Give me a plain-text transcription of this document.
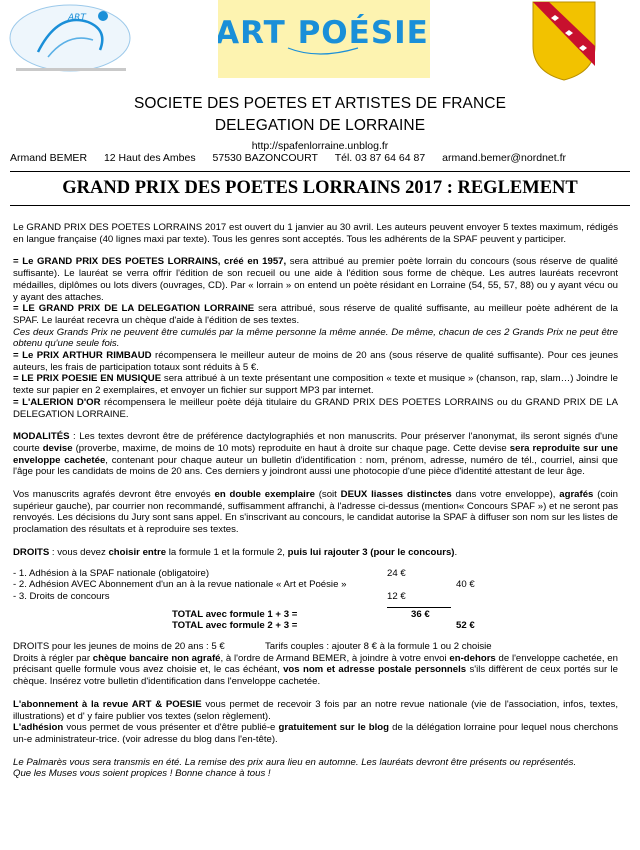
ART	ART POÉSIE
SOCIETE DES POETES ET ARTISTES DE FRANCE
DELEGATION DE LORRAINE
http://spafenlorraine.unblog.fr
Armand BEMER 12 Haut des Ambes 57530 BAZONCOURT Tél. 03 87 64 64 87 armand.bemer@nordnet.fr
GRAND PRIX DES POETES LORRAINS 2017 : REGLEMENT

Le GRAND PRIX DES POETES LORRAINS 2017 est ouvert du 1 janvier au 30 avril. Les auteurs peuvent envoyer 5 textes maximum, rédigés en langue française (40 lignes maxi par texte). Tous les genres sont acceptés. Tous les adhérents de la SPAF peuvent y participer.

= Le GRAND PRIX DES POETES LORRAINS, créé en 1957, sera attribué au premier poète lorrain du concours (sous réserve de qualité suffisante). Le lauréat se verra offrir l'édition de son recueil ou une aide à l'édition sous forme de chèque. Les autres lauréats recevront médailles, diplômes ou lots divers (ouvrages, CD). Par « lorrain » on entend un poète résidant en Lorraine (54, 55, 57, 88) ou y ayant vécu ou y ayant des attaches.

= LE GRAND PRIX DE LA DELEGATION LORRAINE sera attribué, sous réserve de qualité suffisante, au meilleur poète adhérent de la SPAF. Le lauréat recevra un chèque d'aide à l'édition de ses textes.

Ces deux Grands Prix ne peuvent être cumulés par la même personne la même année. De même, chacun de ces 2 Grands Prix ne peut être obtenu qu'une seule fois.

= Le PRIX ARTHUR RIMBAUD récompensera le meilleur auteur de moins de 20 ans (sous réserve de qualité suffisante). Pour ces jeunes auteurs, les frais de participation totaux sont réduits à 5 €.

= LE PRIX POESIE EN MUSIQUE sera attribué à un texte présentant une composition « texte et musique » (chanson, rap, slam…) Joindre le texte sur papier en 2 exemplaires, et envoyer un fichier sur support MP3 par internet.

= L'ALERION D'OR récompensera le meilleur poète déjà titulaire du GRAND PRIX DES POETES LORRAINS ou du GRAND PRIX DE LA DELEGATION LORRAINE.

MODALITÉS : Les textes devront être de préférence dactylographiés et non manuscrits. Pour préserver l'anonymat, ils seront signés d'une courte devise (proverbe, maxime, de moins de 10 mots) reproduite en haut à droite sur chaque page. Cette devise sera reproduite sur une enveloppe cachetée, contenant pour chaque auteur un bulletin d'identification : nom, prénom, adresse, numéro de tél., courriel, ainsi que l'âge pour les candidats de moins de 20 ans. Ces derniers y joindront aussi une photocopie d'une pièce d'identité attestant de leur âge.

Vos manuscrits agrafés devront être envoyés en double exemplaire (soit DEUX liasses distinctes dans votre enveloppe), agrafés (coin supérieur gauche), par courrier non recommandé, suffisamment affranchi, à l'adresse ci-dessus (mention« Concours SPAF ») et ne seront pas renvoyés. Les décisions du Jury sont sans appel. En s'inscrivant au concours, le candidat autorise la SPAF à diffuser son nom sur les listes de proclamation des résultats et à reproduire ses textes.

DROITS : vous devez choisir entre la formule 1 et la formule 2, puis lui rajouter 3 (pour le concours).

- 1. Adhésion à la SPAF nationale (obligatoire)	24 €
- 2. Adhésion AVEC Abonnement d'un an à la revue nationale « Art et Poésie »	40 €
- 3. Droits de concours	12 €
TOTAL avec formule 1 + 3 =	36 €
TOTAL avec formule 2 + 3 =	52 €
DROITS pour les jeunes de moins de 20 ans : 5 €	Tarifs couples : ajouter 8 € à la formule 1 ou 2 choisie

Droits à régler par chèque bancaire non agrafé, à l'ordre de Armand BEMER, à joindre à votre envoi en-dehors de l'enveloppe cachetée, en précisant quelle formule vous avez choisie et, le cas échéant, vos nom et adresse postale personnels s'ils diffèrent de ceux portés sur le chèque. Insérez votre bulletin d'identification dans l'enveloppe cachetée.

L'abonnement à la revue ART & POESIE vous permet de recevoir 3 fois par an notre revue nationale (vie de l'association, infos, textes, illustrations) et d' y faire publier vos textes (selon règlement).

L'adhésion vous permet de vous présenter et d'être publié-e gratuitement sur le blog de la délégation lorraine pour lequel nous cherchons un-e administrateur-trice. (voir adresse du blog dans l'en-tête).

Le Palmarès vous sera transmis en été. La remise des prix aura lieu en automne. Les lauréats devront être présents ou représentés.

Que les Muses vous soient propices ! Bonne chance à tous !
